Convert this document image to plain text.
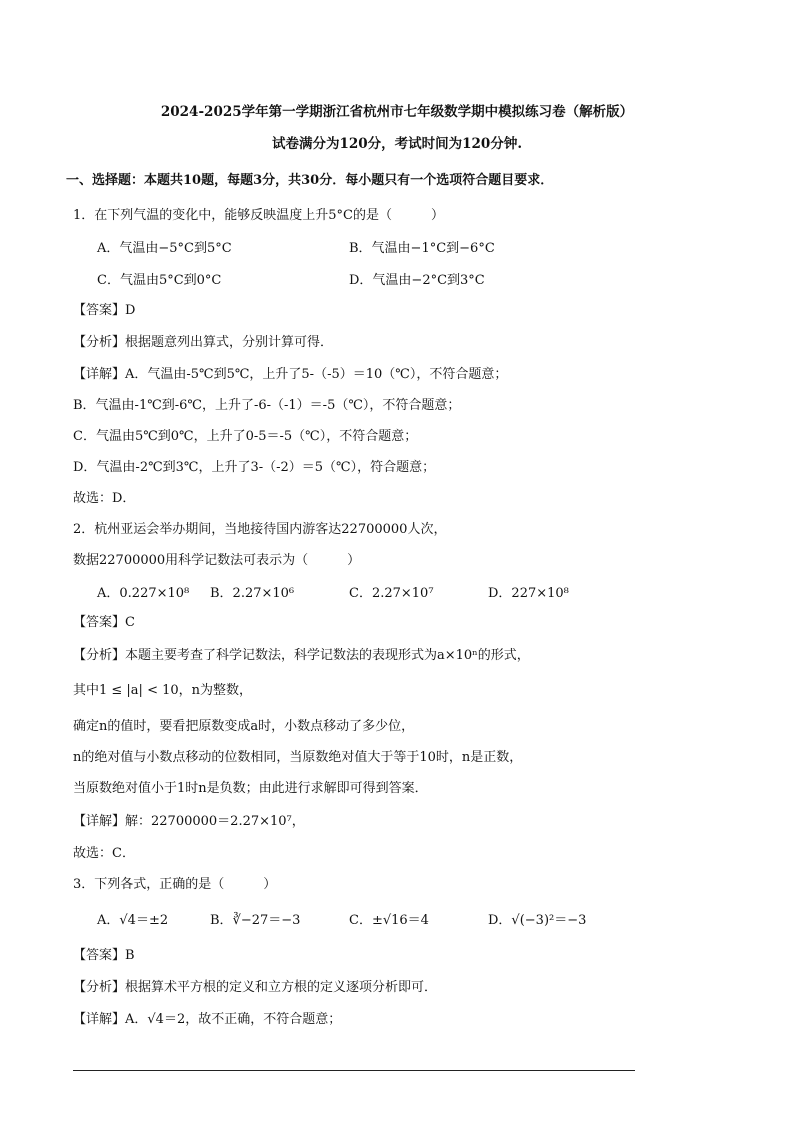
2024-2025学年第一学期浙江省杭州市七年级数学期中模拟练习卷（解析版）
试卷满分为120分，考试时间为120分钟.
一、选择题：本题共10题，每题3分，共30分．每小题只有一个选项符合题目要求．
1．在下列气温的变化中，能够反映温度上升5°C的是（　　　）
A．气温由−5°C到5°C	B．气温由−1°C到−6°C
C．气温由5°C到0°C	D．气温由−2°C到3°C
【答案】D
【分析】根据题意列出算式，分别计算可得．
【详解】A．气温由-5℃到5℃，上升了5-（-5）＝10（℃），不符合题意；
B．气温由-1℃到-6℃，上升了-6-（-1）＝-5（℃），不符合题意；
C．气温由5℃到0℃，上升了0-5＝-5（℃），不符合题意；
D．气温由-2℃到3℃，上升了3-（-2）＝5（℃），符合题意；
故选：D．
2．杭州亚运会举办期间，当地接待国内游客达22700000人次，
数据22700000用科学记数法可表示为（　　　）
A．0.227×10⁸ B．2.27×10⁶	C．2.27×10⁷	D．227×10⁸
【答案】C
【分析】本题主要考查了科学记数法，科学记数法的表现形式为a×10ⁿ的形式，
其中1 ≤ |a| < 10，n为整数，
确定n的值时，要看把原数变成a时，小数点移动了多少位，
n的绝对值与小数点移动的位数相同，当原数绝对值大于等于10时，n是正数，
当原数绝对值小于1时n是负数；由此进行求解即可得到答案．
【详解】解：22700000＝2.27×10⁷，
故选：C．
3．下列各式，正确的是（　　　）
A．√4＝±2	B．∛−27＝−3	C．±√16＝4	D．√(−3)²＝−3
【答案】B
【分析】根据算术平方根的定义和立方根的定义逐项分析即可．
【详解】A．√4＝2，故不正确，不符合题意；
